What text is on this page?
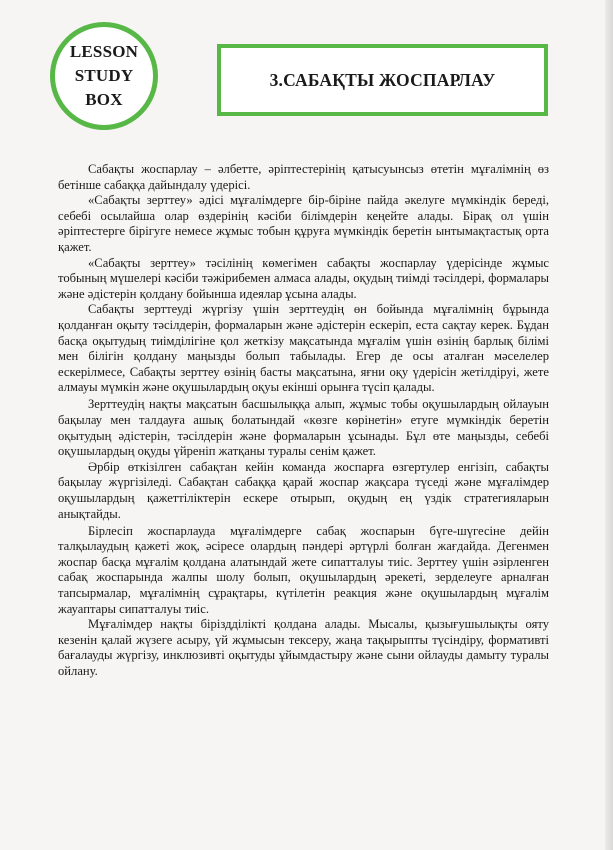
LESSON
STUDY
BOX
3.САБАҚТЫ ЖОСПАРЛАУ

Сабақты жоспарлау – әлбетте, әріптестерінің қатысуынсыз өтетін мұғалімнің өз бетінше сабаққа дайындалу үдерісі.

«Сабақты зерттеу» әдісі мұғалімдерге бір-біріне пайда әкелуге мүмкіндік береді, себебі осылайша олар өздерінің кәсіби білімдерін кеңейте алады. Бірақ ол үшін әріптестерге бірігуге немесе жұмыс тобын құруға мүмкіндік беретін ынтымақтастық орта қажет.

«Сабақты зерттеу» тәсілінің көмегімен сабақты жоспарлау үдерісінде жұмыс тобының мүшелері кәсіби тәжірибемен алмаса алады, оқудың тиімді тәсілдері, формалары және әдістерін қолдану бойынша идеялар ұсына алады.

Сабақты зерттеуді жүргізу үшін зерттеудің өн бойында мұғалімнің бұрында қолданған оқыту тәсілдерін, формаларын және әдістерін ескеріп, еста сақтау керек. Бұдан басқа оқытудың тиімділігіне қол жеткізу мақсатында мұғалім үшін өзінің барлық білімі мен білігін қолдану маңызды болып табылады. Егер де осы аталған мәселелер ескерілмесе, Сабақты зерттеу өзінің басты мақсатына, яғни оқу үдерісін жетілдіруі, жете алмауы мүмкін және оқушылардың оқуы екінші орынға түсіп қалады.

Зерттеудің нақты мақсатын басшылыққа алып, жұмыс тобы оқушылардың ойлауын бақылау мен талдауға ашық болатындай «көзге көрінетін» етуге мүмкіндік беретін оқытудың әдістерін, тәсілдерін және формаларын ұсынады. Бұл өте маңызды, себебі оқушылардың оқуды үйреніп жатқаны туралы сенім қажет.

Әрбір өткізілген сабақтан кейін команда жоспарға өзгертулер енгізіп, сабақты бақылау жүргізіледі. Сабақтан сабаққа қарай жоспар жақсара түседі және мұғалімдер оқушылардың қажеттіліктерін ескере отырып, оқудың ең үздік стратегияларын анықтайды.

Бірлесіп жоспарлауда мұғалімдерге сабақ жоспарын бүге-шүгесіне дейін талқылаудың қажеті жоқ, әсіресе олардың пәндері әртүрлі болған жағдайда. Дегенмен жоспар басқа мұғалім қолдана алатындай жете сипатталуы тиіс. Зерттеу үшін әзірленген сабақ жоспарында жалпы шолу болып, оқушылардың әрекеті, зерделеуге арналған тапсырмалар, мұғалімнің сұрақтары, күтілетін реакция және оқушылардың мұғалім жауаптары сипатталуы тиіс.

Мұғалімдер нақты біріздділікті қолдана алады. Мысалы, қызығушылықты ояту кезенін қалай жүзеге асыру, үй жұмысын тексеру, жаңа тақырыпты түсіндіру, формативті бағалауды жүргізу, инклюзивті оқытуды ұйымдастыру және сыни ойлауды дамыту туралы ойлану.
